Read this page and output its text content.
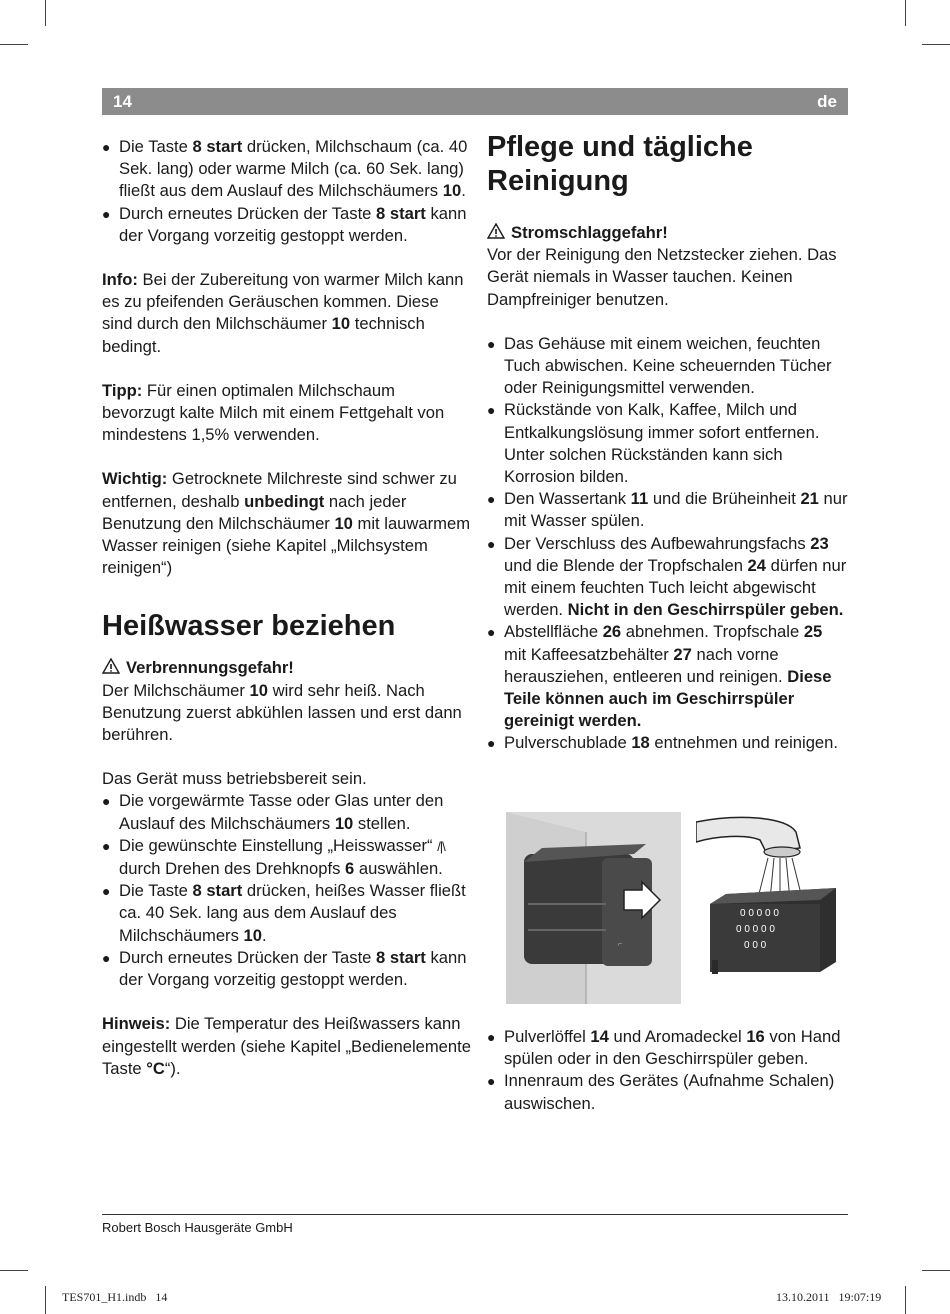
14	de
● Die Taste 8 start drücken, Milchschaum (ca. 40 Sek. lang) oder warme Milch (ca. 60 Sek. lang) fließt aus dem Auslauf des Milchschäumers 10.
● Durch erneutes Drücken der Taste 8 start kann der Vorgang vorzeitig gestoppt werden.

Info: Bei der Zubereitung von warmer Milch kann es zu pfeifenden Geräuschen kommen. Diese sind durch den Milchschäumer 10 technisch bedingt.

Tipp: Für einen optimalen Milchschaum bevorzugt kalte Milch mit einem Fettgehalt von mindestens 1,5% verwenden.

Wichtig: Getrocknete Milchreste sind schwer zu entfernen, deshalb unbedingt nach jeder Benutzung den Milchschäumer 10 mit lauwarmem Wasser reinigen (siehe Kapitel „Milchsystem reinigen“)

Heißwasser beziehen

Verbrennungsgefahr!

Der Milchschäumer 10 wird sehr heiß. Nach Benutzung zuerst abkühlen lassen und erst dann berühren.

Das Gerät muss betriebsbereit sein.

● Die vorgewärmte Tasse oder Glas unter den Auslauf des Milchschäumers 10 stellen.
● Die gewünschte Einstellung „Heisswasser“ /|\ durch Drehen des Drehknopfs 6 auswählen.
● Die Taste 8 start drücken, heißes Wasser fließt ca. 40 Sek. lang aus dem Auslauf des Milchschäumers 10.
● Durch erneutes Drücken der Taste 8 start kann der Vorgang vorzeitig gestoppt werden.

Hinweis: Die Temperatur des Heißwassers kann eingestellt werden (siehe Kapitel „Bedienelemente Taste °C“).

Pflege und tägliche Reinigung

Stromschlaggefahr!

Vor der Reinigung den Netzstecker ziehen. Das Gerät niemals in Wasser tauchen. Keinen Dampfreiniger benutzen.

● Das Gehäuse mit einem weichen, feuchten Tuch abwischen. Keine scheuernden Tücher oder Reinigungsmittel verwenden.
● Rückstände von Kalk, Kaffee, Milch und Entkalkungslösung immer sofort entfernen. Unter solchen Rückständen kann sich Korrosion bilden.
● Den Wassertank 11 und die Brüheinheit 21 nur mit Wasser spülen.
● Der Verschluss des Aufbewahrungsfachs 23 und die Blende der Tropfschalen 24 dürfen nur mit einem feuchten Tuch leicht abgewischt werden. Nicht in den Geschirrspüler geben.
● Abstellfläche 26 abnehmen. Tropfschale 25 mit Kaffeesatzbehälter 27 nach vorne herausziehen, entleeren und reinigen. Diese Teile können auch im Geschirrspüler gereinigt werden.
● Pulverschublade 18 entnehmen und reinigen.
⌐
0 0 0 0 0
0 0 0 0 0
0 0 0
● Pulverlöffel 14 und Aromadeckel 16 von Hand spülen oder in den Geschirrspüler geben.
● Innenraum des Gerätes (Aufnahme Schalen) auswischen.
Robert Bosch Hausgeräte GmbH
TES701_H1.indb   14	13.10.2011   19:07:19
